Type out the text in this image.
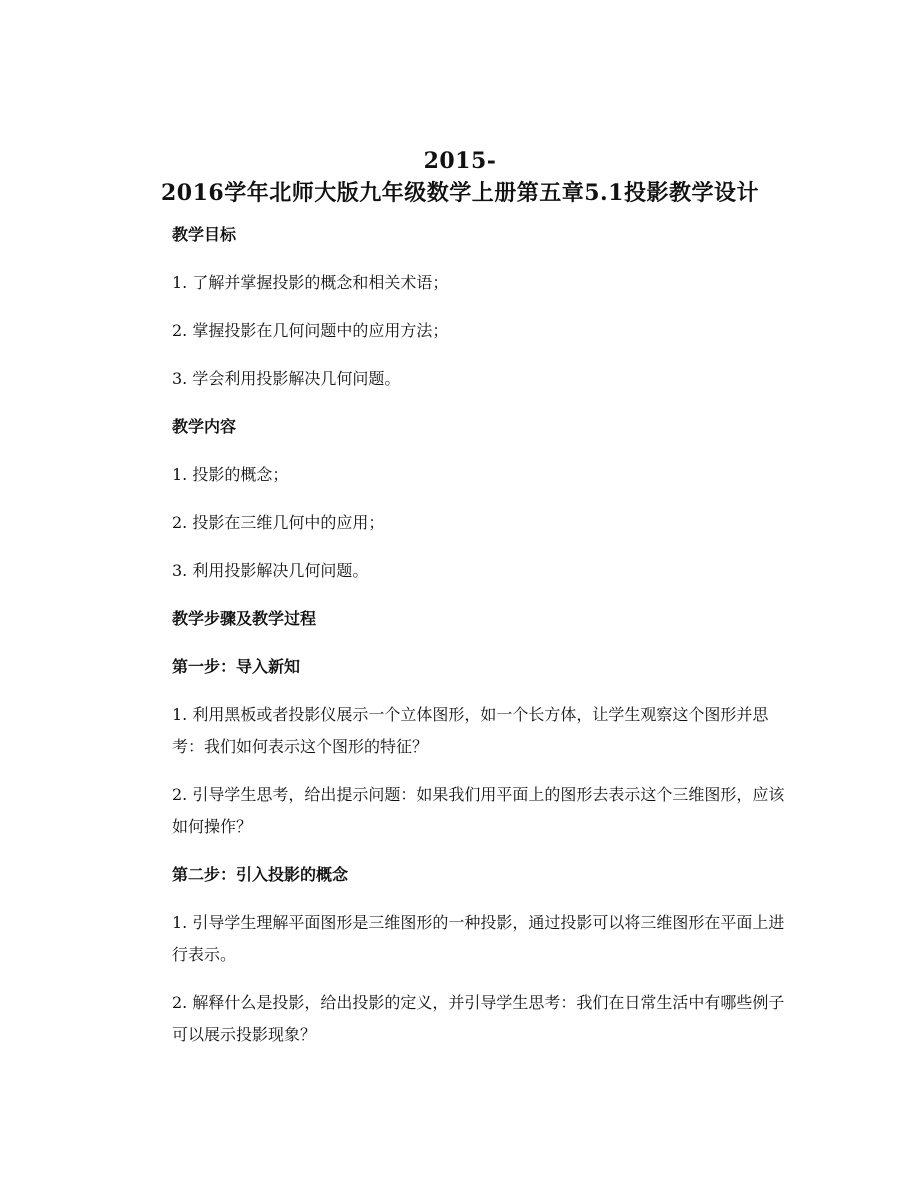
2015-
2016学年北师大版九年级数学上册第五章5.1投影教学设计
教学目标
1. 了解并掌握投影的概念和相关术语；
2. 掌握投影在几何问题中的应用方法；
3. 学会利用投影解决几何问题。
教学内容
1. 投影的概念；
2. 投影在三维几何中的应用；
3. 利用投影解决几何问题。
教学步骤及教学过程
第一步：导入新知
1. 利用黑板或者投影仪展示一个立体图形，如一个长方体，让学生观察这个图形并思考：我们如何表示这个图形的特征？
2. 引导学生思考，给出提示问题：如果我们用平面上的图形去表示这个三维图形，应该如何操作？
第二步：引入投影的概念
1. 引导学生理解平面图形是三维图形的一种投影，通过投影可以将三维图形在平面上进行表示。
2. 解释什么是投影，给出投影的定义，并引导学生思考：我们在日常生活中有哪些例子可以展示投影现象？
